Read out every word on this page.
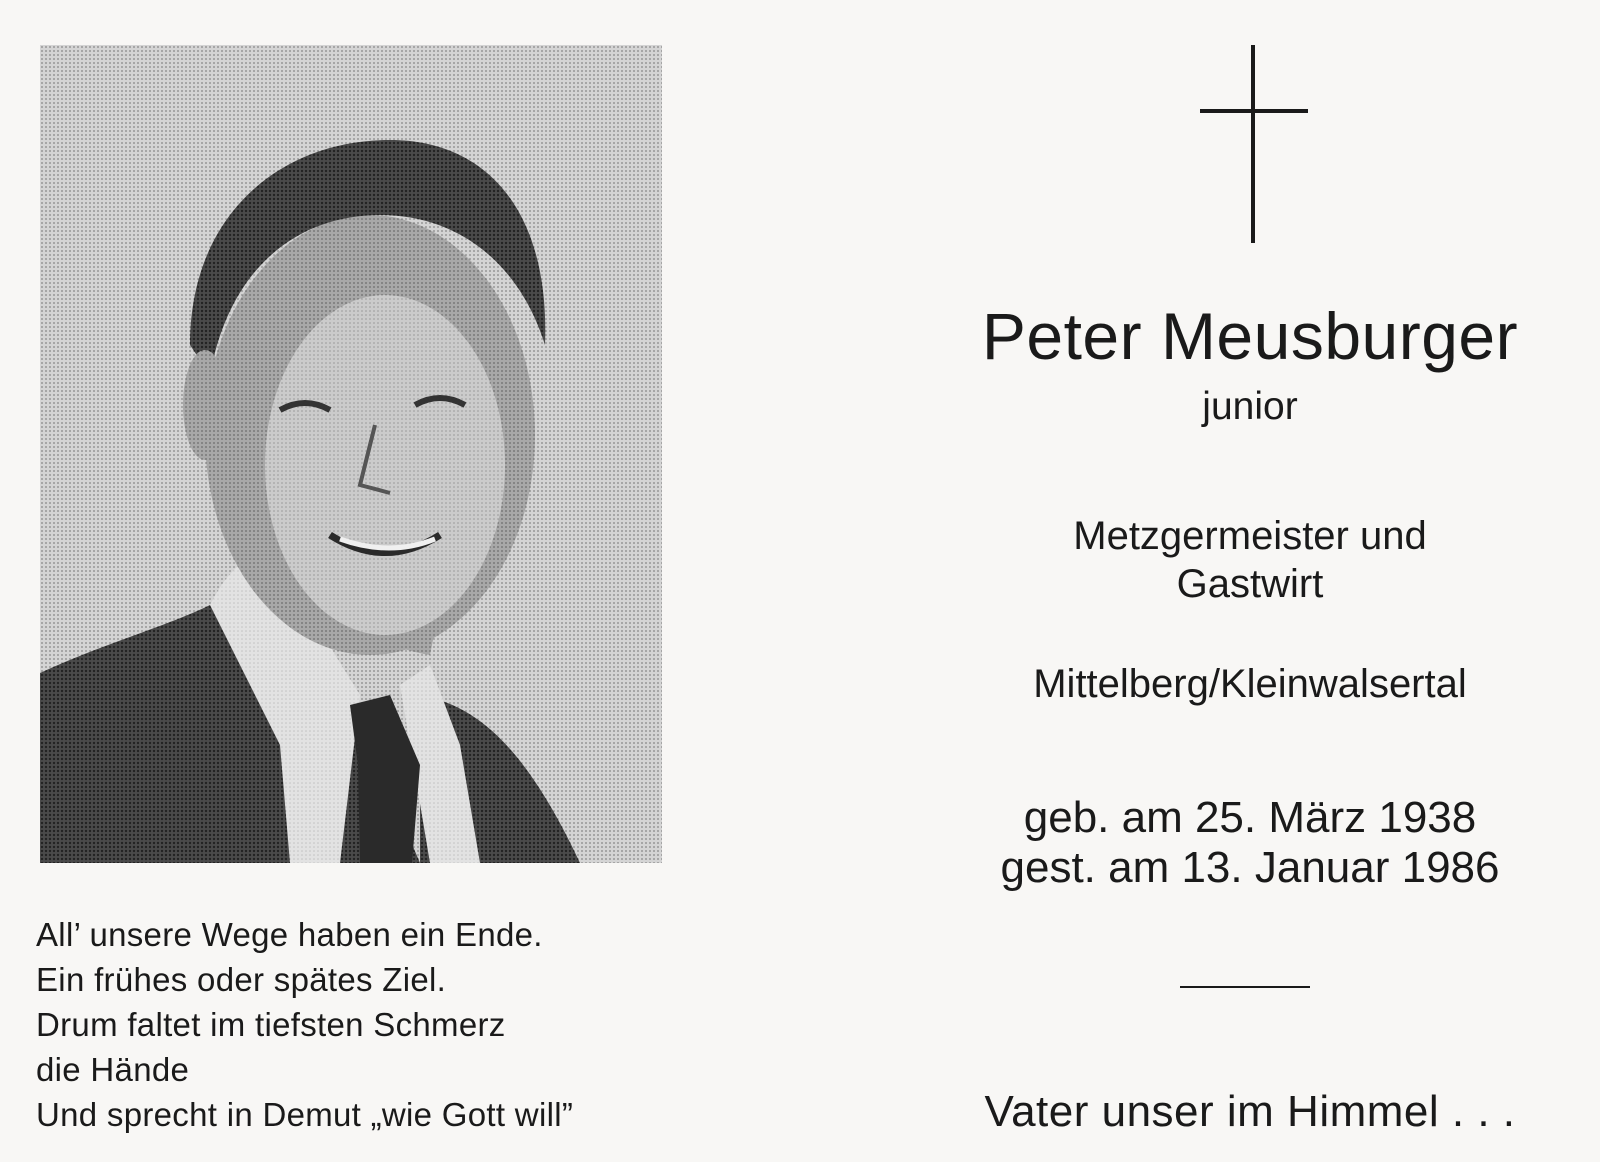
All’ unsere Wege haben ein Ende.
Ein frühes oder spätes Ziel.
Drum faltet im tiefsten Schmerz
die Hände
Und sprecht in Demut „wie Gott will”
Peter Meusburger
junior
Metzgermeister und
Gastwirt
Mittelberg/Kleinwalsertal
geb. am 25. März 1938
gest. am 13. Januar 1986
Vater unser im Himmel . . .
